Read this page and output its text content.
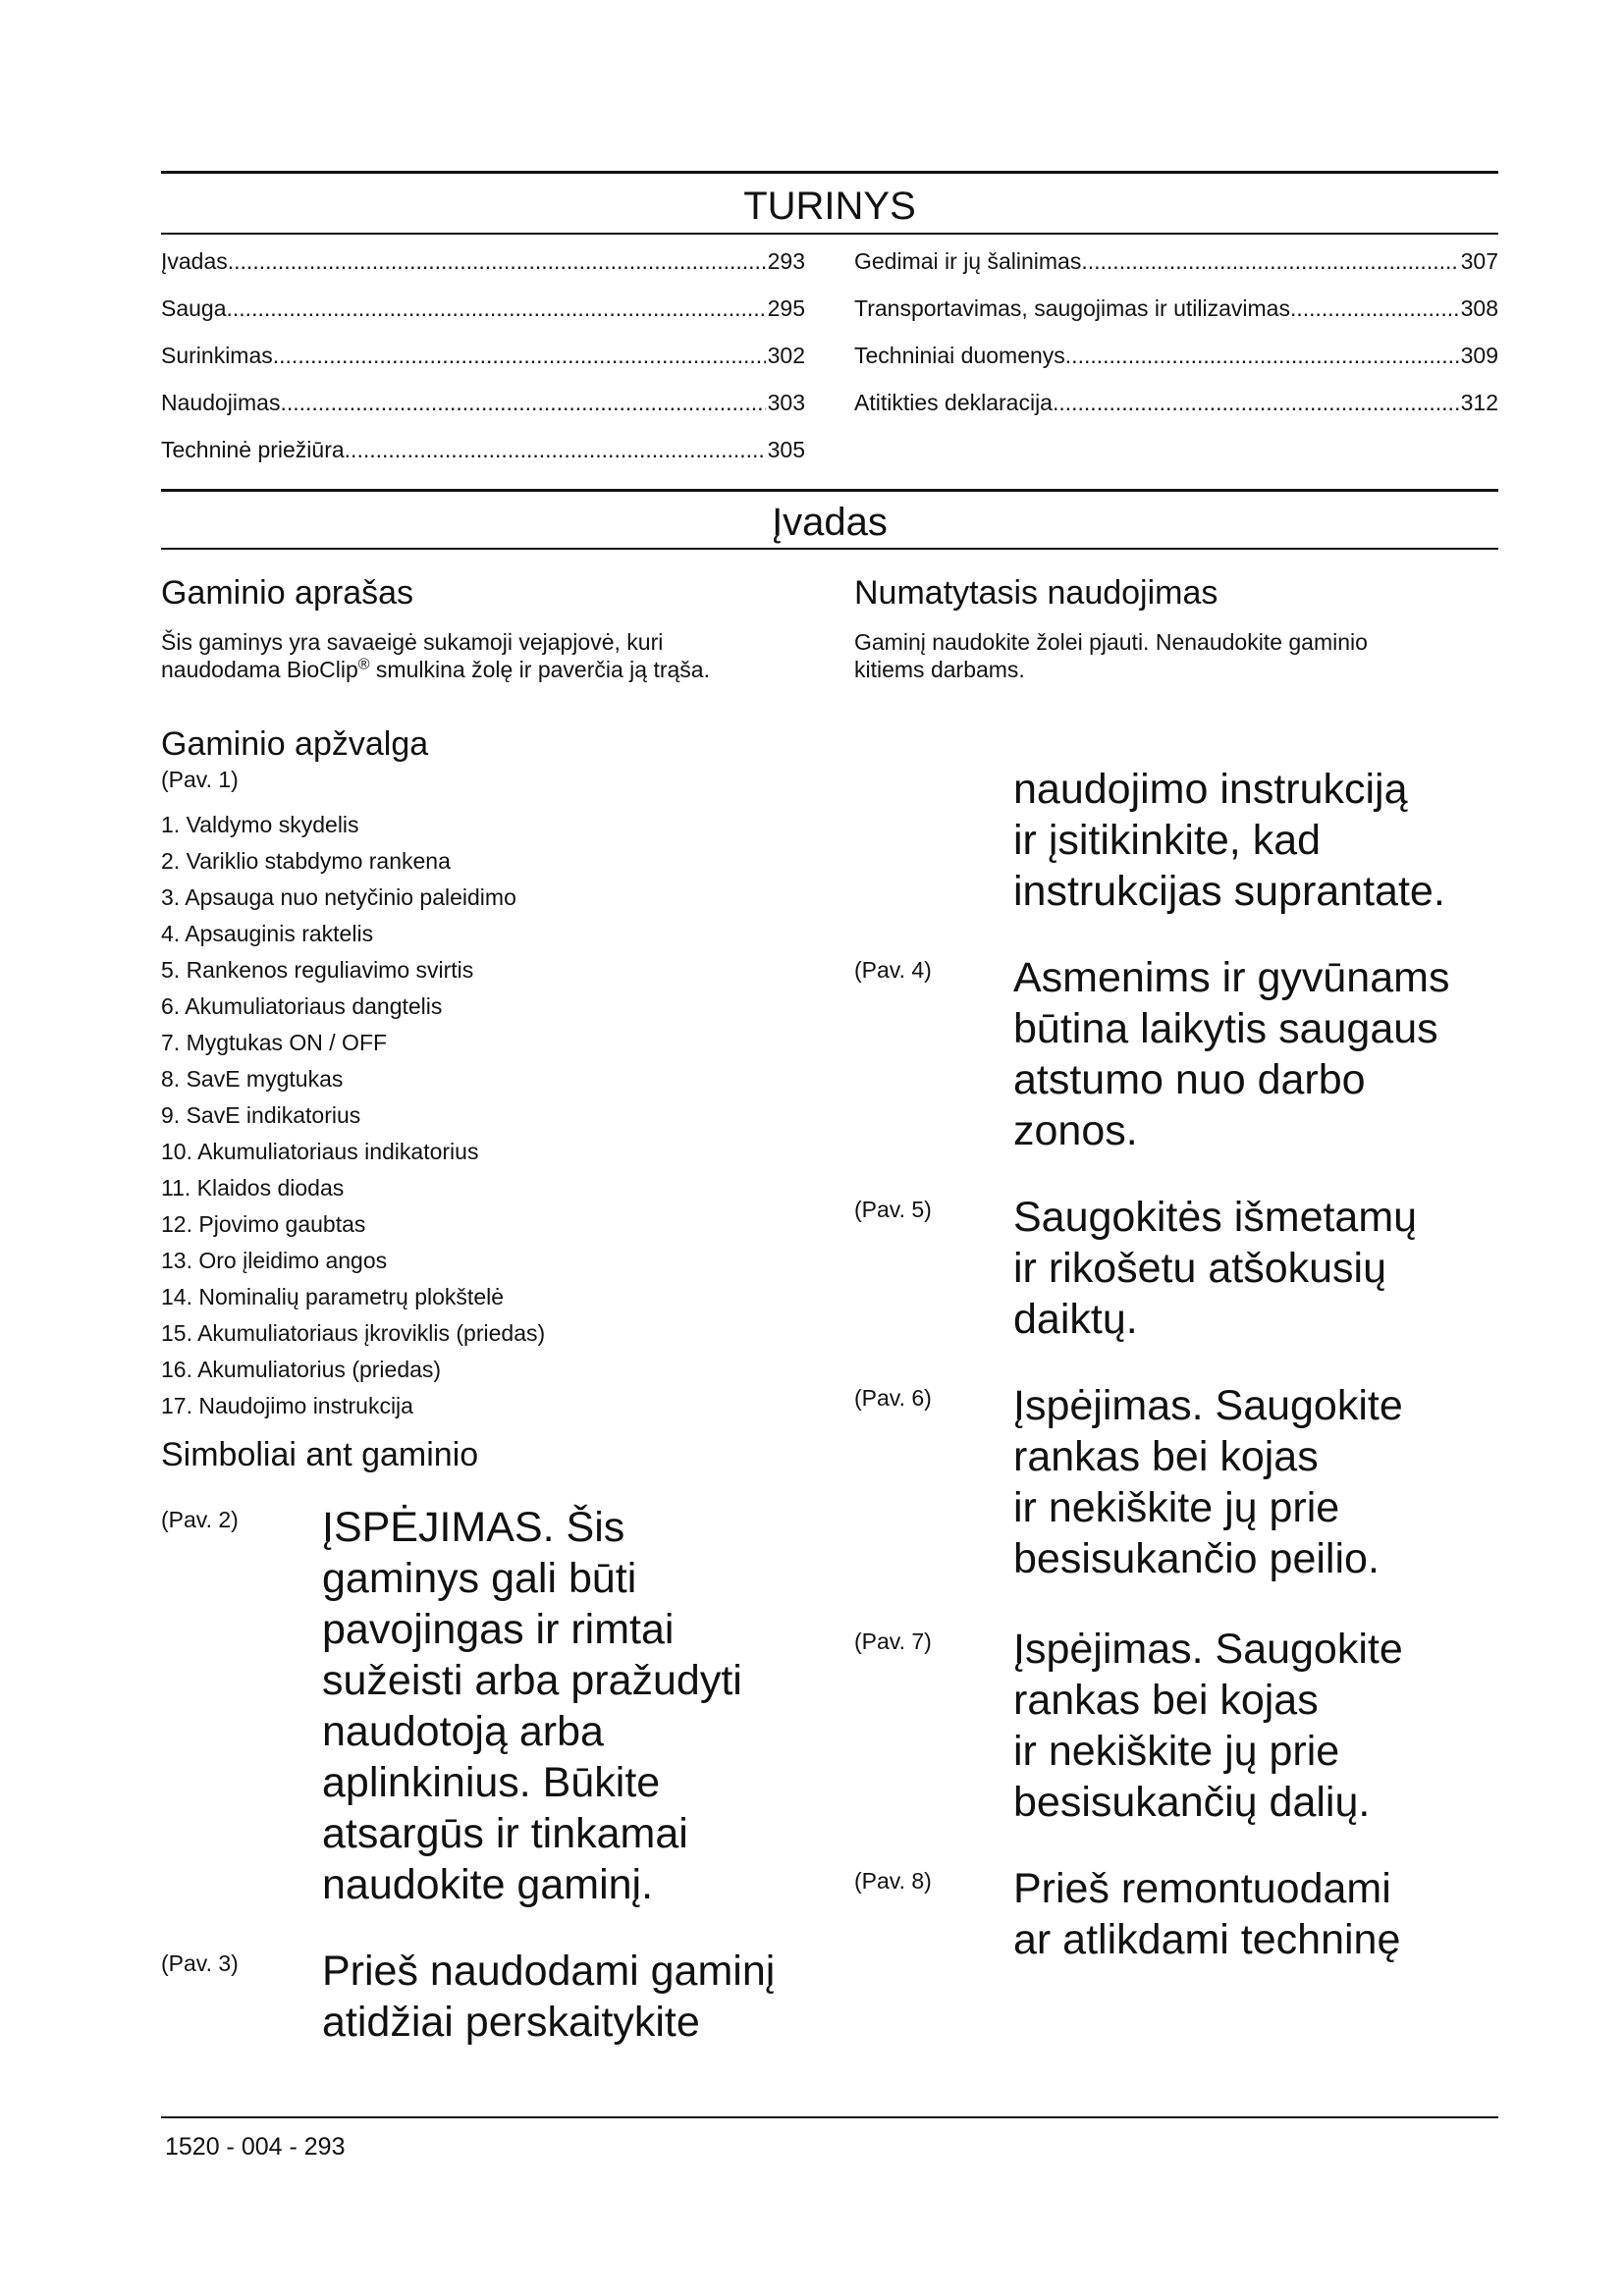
TURINYS
Įvadas .....	293
Sauga .....	295
Surinkimas .....	302
Naudojimas .....	303
Techninė priežiūra .....	305
Gedimai ir jų šalinimas .....	307
Transportavimas, saugojimas ir utilizavimas .....	308
Techniniai duomenys .....	309
Atitikties deklaracija .....	312
Įvadas
Gaminio aprašas
Šis gaminys yra savaeigė sukamoji vejapjovė, kuri
naudodama BioClip® smulkina žolę ir paverčia ją trąša.
Numatytasis naudojimas
Gaminį naudokite žolei pjauti. Nenaudokite gaminio
kitiems darbams.
Gaminio apžvalga
(Pav. 1)
1. Valdymo skydelis
2. Variklio stabdymo rankena
3. Apsauga nuo netyčinio paleidimo
4. Apsauginis raktelis
5. Rankenos reguliavimo svirtis
6. Akumuliatoriaus dangtelis
7. Mygtukas ON / OFF
8. SavE mygtukas
9. SavE indikatorius
10. Akumuliatoriaus indikatorius
11. Klaidos diodas
12. Pjovimo gaubtas
13. Oro įleidimo angos
14. Nominalių parametrų plokštelė
15. Akumuliatoriaus įkroviklis (priedas)
16. Akumuliatorius (priedas)
17. Naudojimo instrukcija
Simboliai ant gaminio
(Pav. 2) ĮSPĖJIMAS. Šis
gaminys gali būti
pavojingas ir rimtai
sužeisti arba pražudyti
naudotoją arba
aplinkinius. Būkite
atsargūs ir tinkamai
naudokite gaminį.
(Pav. 3) Prieš naudodami gaminį
atidžiai perskaitykite
naudojimo instrukciją
ir įsitikinkite, kad
instrukcijas suprantate.
(Pav. 4) Asmenims ir gyvūnams
būtina laikytis saugaus
atstumo nuo darbo
zonos.
(Pav. 5) Saugokitės išmetamų
ir rikošetu atšokusių
daiktų.
(Pav. 6) Įspėjimas. Saugokite
rankas bei kojas
ir nekiškite jų prie
besisukančio peilio.
(Pav. 7) Įspėjimas. Saugokite
rankas bei kojas
ir nekiškite jų prie
besisukančių dalių.
(Pav. 8) Prieš remontuodami
ar atlikdami techninę
1520 - 004 - 293
